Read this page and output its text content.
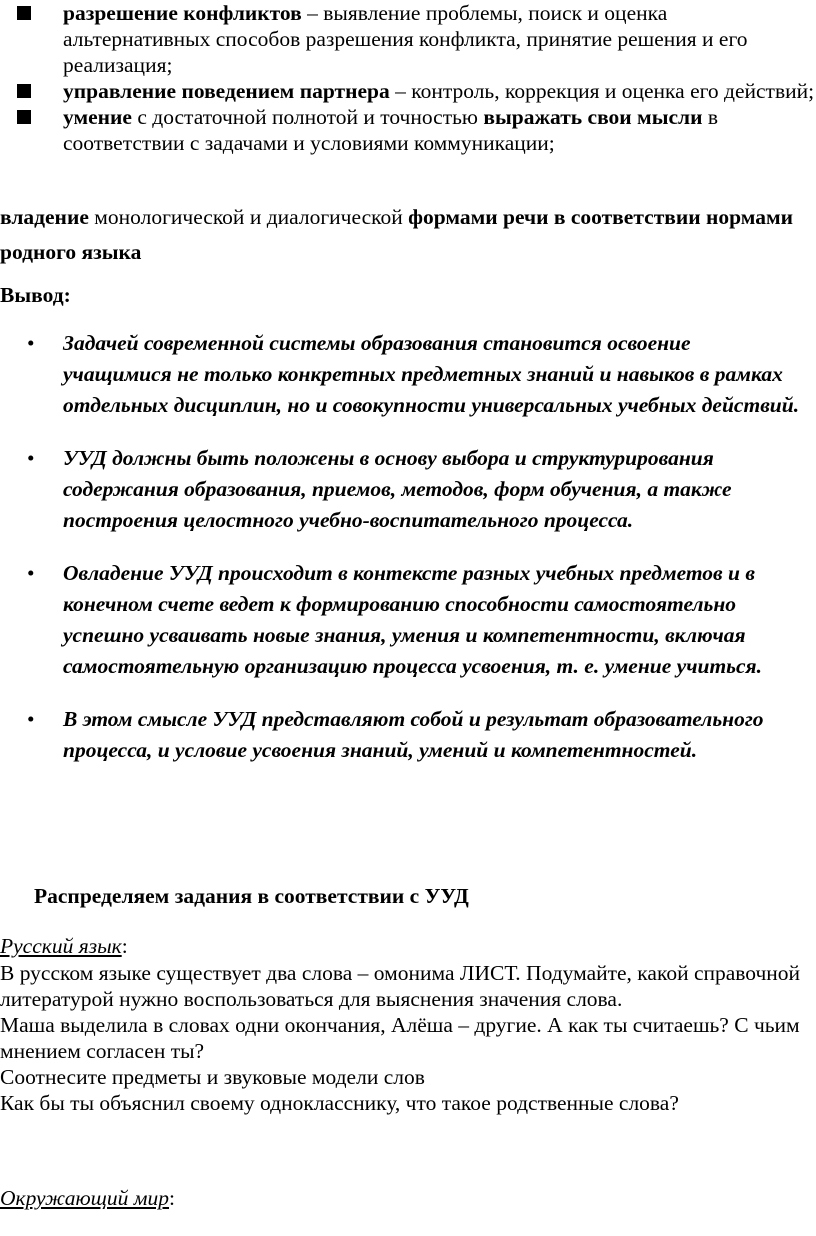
разрешение конфликтов – выявление проблемы, поиск и оценка альтернативных способов разрешения конфликта, принятие решения и его реализация;
управление поведением партнера – контроль, коррекция и оценка его действий;
умение с достаточной полнотой и точностью выражать свои мысли в соответствии с задачами и условиями коммуникации;
владение монологической и диалогической формами речи в соответствии нормами родного языка
Вывод:
• Задачей современной системы образования становится освоение учащимися не только конкретных предметных знаний и навыков в рамках отдельных дисциплин, но и совокупности универсальных учебных действий.
• УУД должны быть положены в основу выбора и структурирования содержания образования, приемов, методов, форм обучения, а также построения целостного учебно-воспитательного процесса.
• Овладение УУД происходит в контексте разных учебных предметов и в конечном счете ведет к формированию способности самостоятельно успешно усваивать новые знания, умения и компетентности, включая самостоятельную организацию процесса усвоения, т. е. умение учиться.
• В этом смысле УУД представляют собой и результат образовательного процесса, и условие усвоения знаний, умений и компетентностей.
Распределяем задания в соответствии с УУД
Русский язык:

В русском языке существует два слова – омонима ЛИСТ. Подумайте, какой справочной литературой нужно воспользоваться для выяснения значения слова.

Маша выделила в словах одни окончания, Алёша – другие. А как ты считаешь? С чьим мнением согласен ты?

Соотнесите предметы и звуковые модели слов

Как бы ты объяснил своему однокласснику, что такое родственные слова?

Окружающий мир:
